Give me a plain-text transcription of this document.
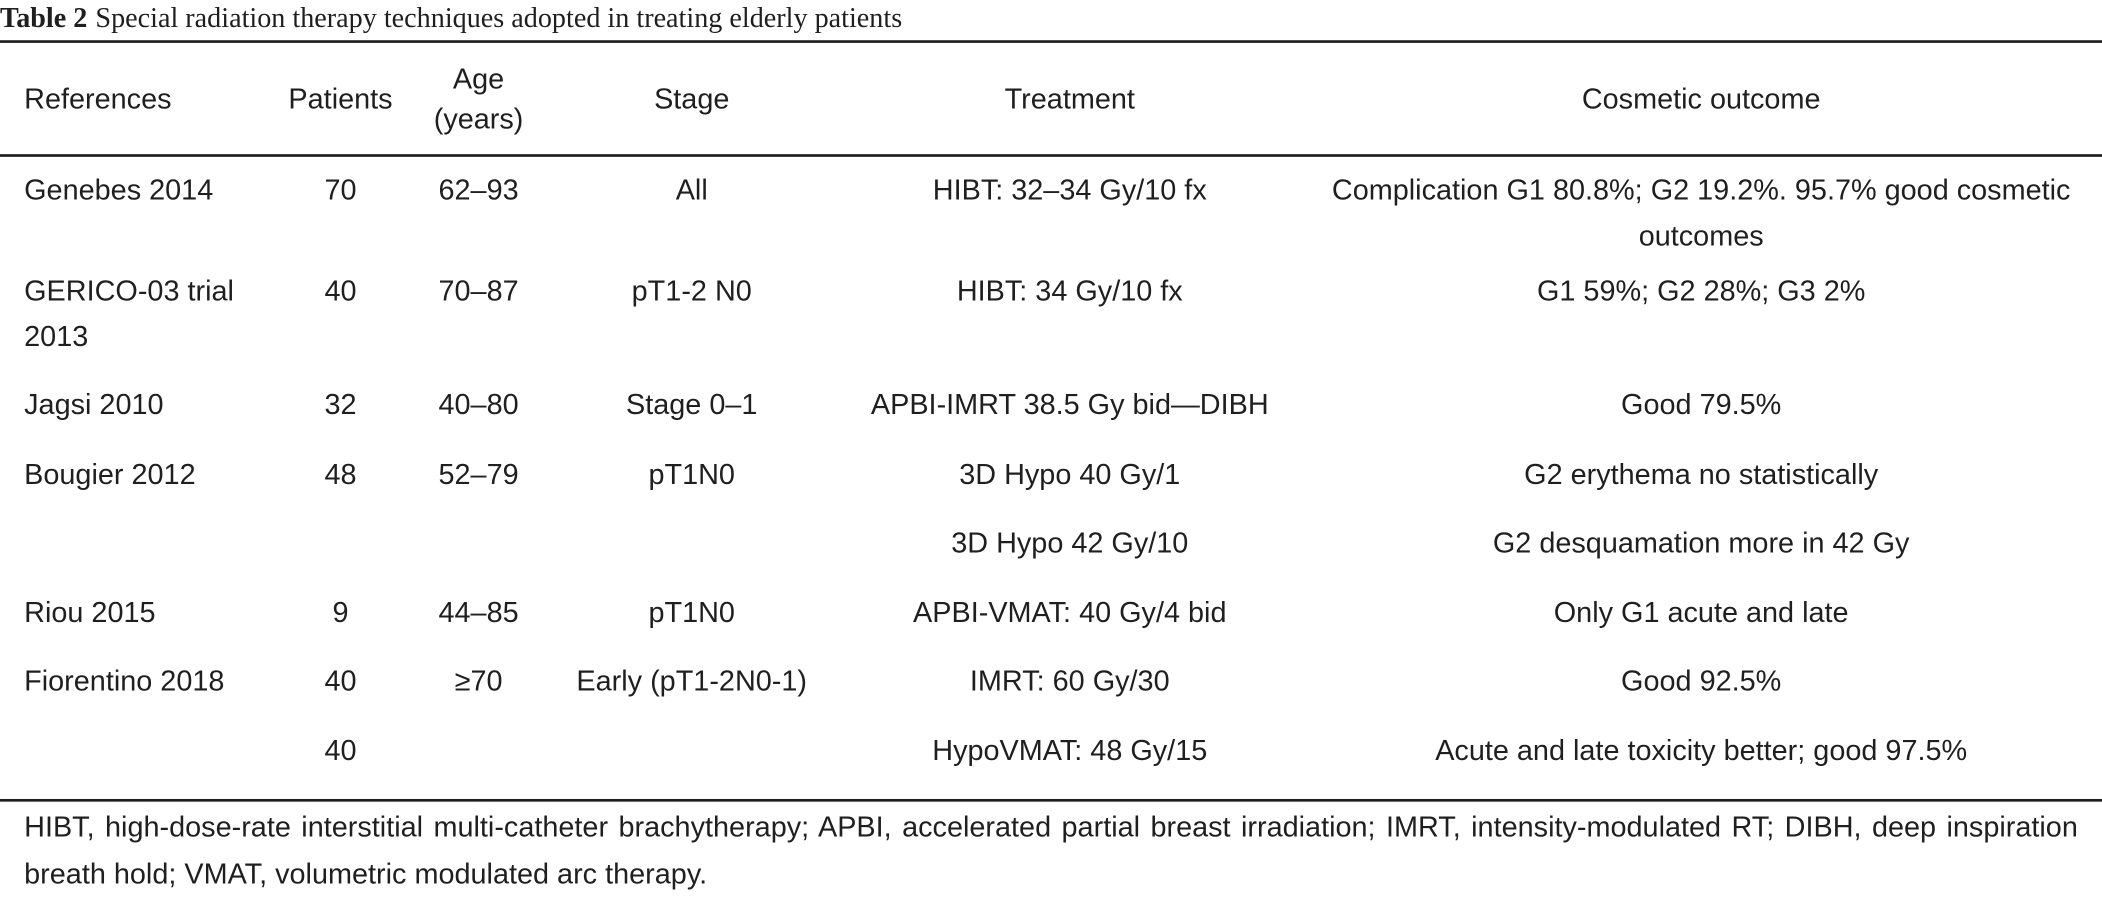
Table 2 Special radiation therapy techniques adopted in treating elderly patients
References	Patients	Age (years)	Stage	Treatment	Cosmetic outcome
Genebes 2014	70	62–93	All	HIBT: 32–34 Gy/10 fx	Complication G1 80.8%; G2 19.2%. 95.7% good cosmetic outcomes
GERICO-03 trial 2013	40	70–87	pT1-2 N0	HIBT: 34 Gy/10 fx	G1 59%; G2 28%; G3 2%
Jagsi 2010	32	40–80	Stage 0–1	APBI-IMRT 38.5 Gy bid—DIBH	Good 79.5%
Bougier 2012	48	52–79	pT1N0	3D Hypo 40 Gy/1	G2 erythema no statistically
				3D Hypo 42 Gy/10	G2 desquamation more in 42 Gy
Riou 2015	9	44–85	pT1N0	APBI-VMAT: 40 Gy/4 bid	Only G1 acute and late
Fiorentino 2018	40	≥70	Early (pT1-2N0-1)	IMRT: 60 Gy/30	Good 92.5%
	40			HypoVMAT: 48 Gy/15	Acute and late toxicity better; good 97.5%
HIBT, high-dose-rate interstitial multi-catheter brachytherapy; APBI, accelerated partial breast irradiation; IMRT, intensity-modulated RT; DIBH, deep inspiration breath hold; VMAT, volumetric modulated arc therapy.
